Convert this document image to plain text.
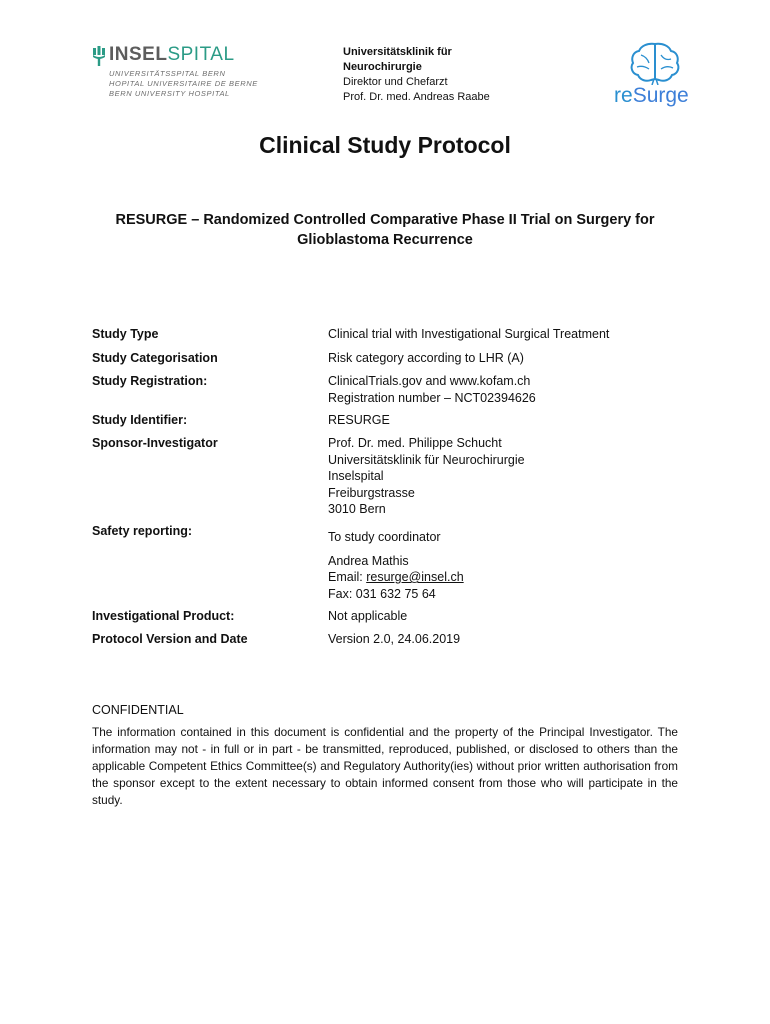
INSELSPITAL
UNIVERSITÄTSSPITAL BERN
HOPITAL UNIVERSITAIRE DE BERNE
BERN UNIVERSITY HOSPITAL
Universitätsklinik für
Neurochirurgie
Direktor und Chefarzt
Prof. Dr. med. Andreas Raabe	reSurge
Clinical Study Protocol
RESURGE – Randomized Controlled Comparative Phase II Trial on Surgery for
Glioblastoma Recurrence
Study Type	Clinical trial with Investigational Surgical Treatment
Study Categorisation	Risk category according to LHR (A)
Study Registration:	ClinicalTrials.gov and www.kofam.ch
Registration number – NCT02394626
Study Identifier:	RESURGE
Sponsor-Investigator	Prof. Dr. med. Philippe Schucht
Universitätsklinik für Neurochirurgie
Inselspital
Freiburgstrasse
3010 Bern
Safety reporting:	To study coordinator
Andrea Mathis
Email: resurge@insel.ch
Fax: 031 632 75 64
Investigational Product:	Not applicable
Protocol Version and Date	Version 2.0, 24.06.2019
CONFIDENTIAL
The information contained in this document is confidential and the property of the Principal Investigator. The information may not - in full or in part - be transmitted, reproduced, published, or disclosed to others than the applicable Competent Ethics Committee(s) and Regulatory Authority(ies) without prior written authorisation from the sponsor except to the extent necessary to obtain informed consent from those who will participate in the study.
